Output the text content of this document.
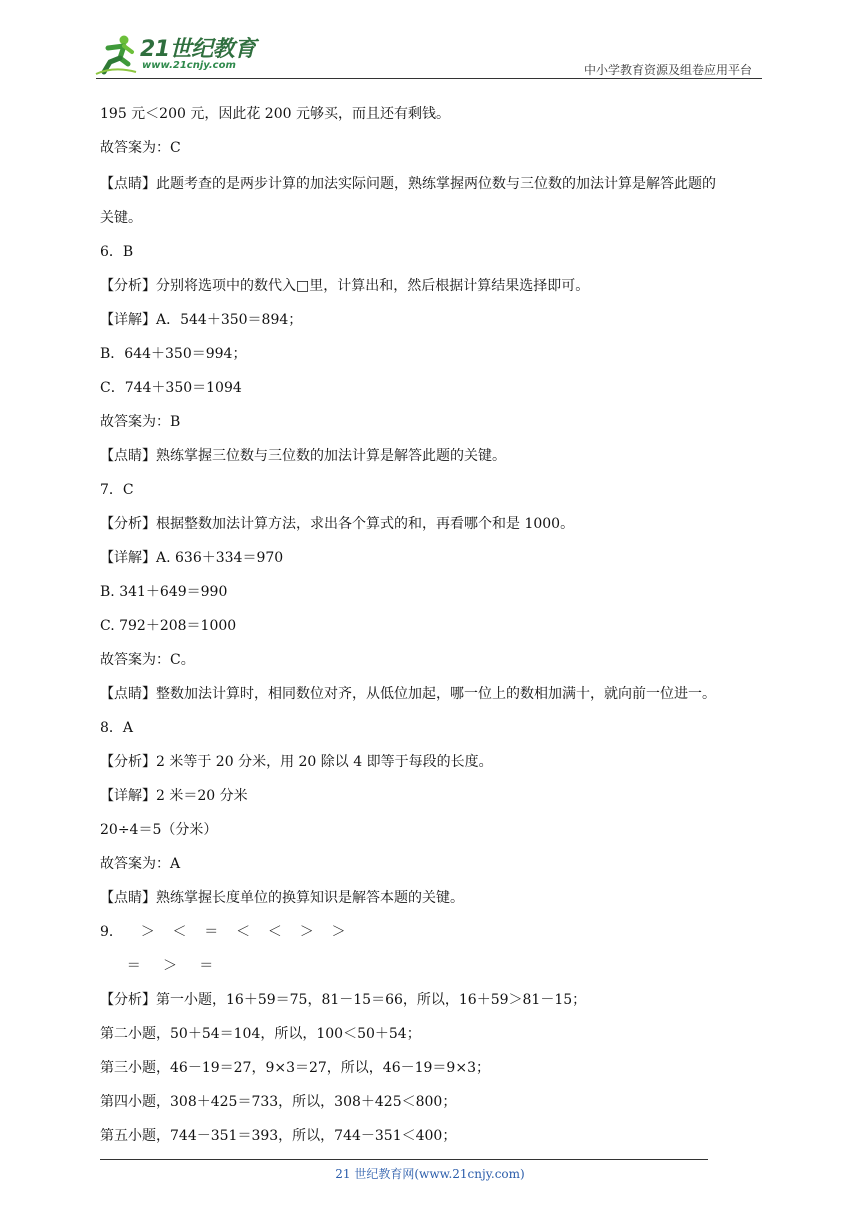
21世纪教育
www.21cnjy.com	中小学教育资源及组卷应用平台
195 元＜200 元，因此花 200 元够买，而且还有剩钱。
故答案为：C
【点睛】此题考查的是两步计算的加法实际问题，熟练掌握两位数与三位数的加法计算是解答此题的
关键。
6．B
【分析】分别将选项中的数代入□里，计算出和，然后根据计算结果选择即可。
【详解】A．544＋350＝894；
B．644＋350＝994；
C．744＋350＝1094
故答案为：B
【点睛】熟练掌握三位数与三位数的加法计算是解答此题的关键。
7．C
【分析】根据整数加法计算方法，求出各个算式的和，再看哪个和是 1000。
【详解】A. 636＋334＝970
B. 341＋649＝990
C. 792＋208＝1000
故答案为：C。
【点睛】整数加法计算时，相同数位对齐，从低位加起，哪一位上的数相加满十，就向前一位进一。
8．A
【分析】2 米等于 20 分米，用 20 除以 4 即等于每段的长度。
【详解】2 米＝20 分米
20÷4＝5（分米）
故答案为：A
【点睛】熟练掌握长度单位的换算知识是解答本题的关键。
9．    ＞    ＜    ＝    ＜    ＜    ＞    ＞
＝     ＞     ＝
【分析】第一小题，16＋59＝75，81－15＝66，所以，16＋59＞81－15；
第二小题，50＋54＝104，所以，100＜50＋54；
第三小题，46－19＝27，9×3＝27，所以，46－19＝9×3；
第四小题，308＋425＝733，所以，308＋425＜800；
第五小题，744－351＝393，所以，744－351＜400；
21 世纪教育网(www.21cnjy.com)
